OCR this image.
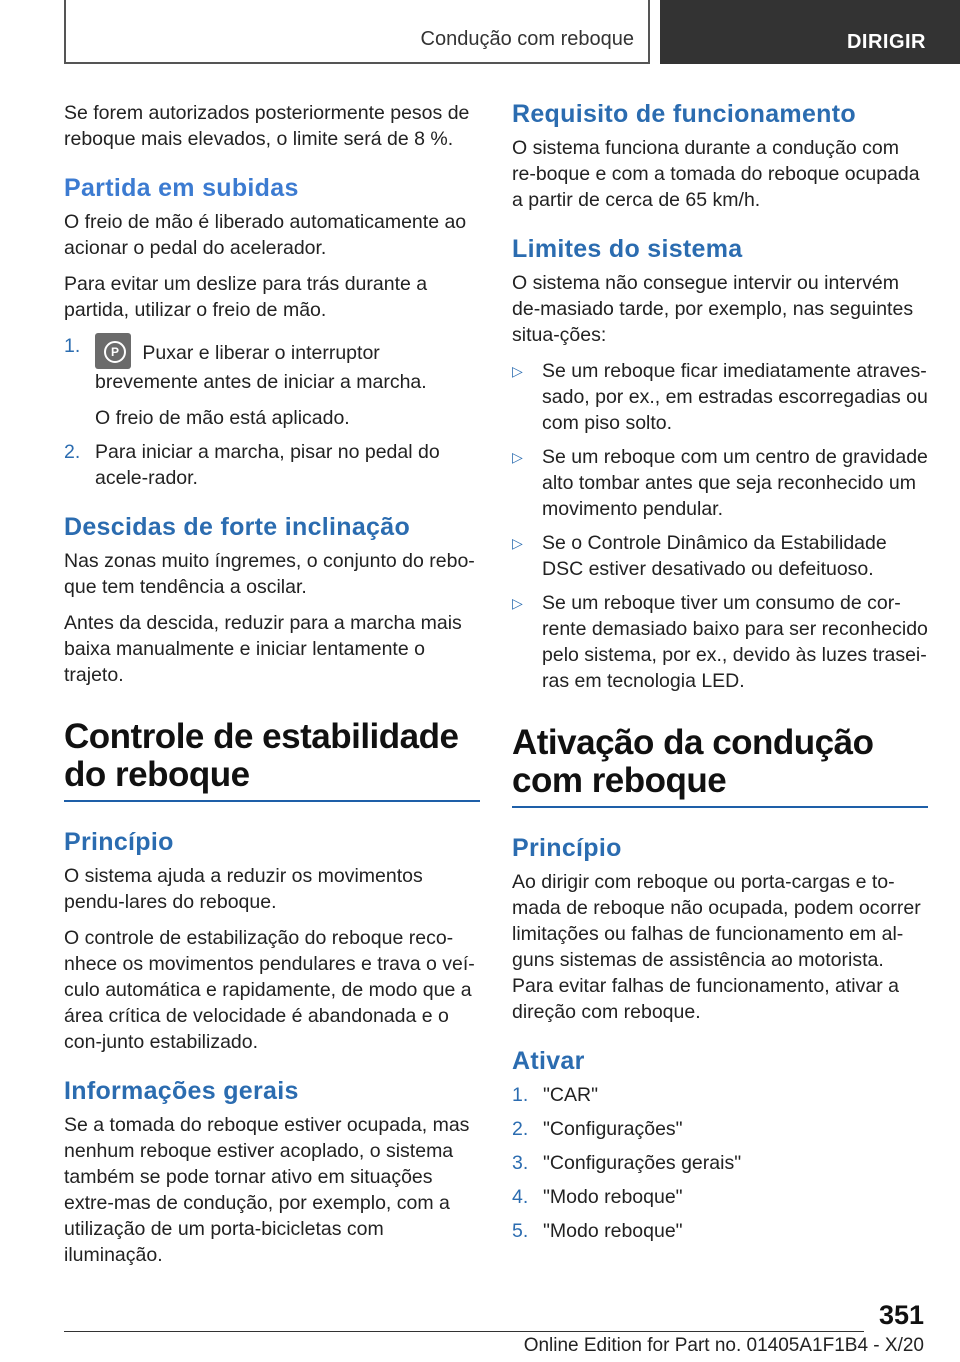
Condução com reboque	DIRIGIR

Se forem autorizados posteriormente pesos de reboque mais elevados, o limite será de 8 %.

Partida em subidas

O freio de mão é liberado automaticamente ao acionar o pedal do acelerador.

Para evitar um deslize para trás durante a partida, utilizar o freio de mão.

1.	P	Puxar e liberar o interruptor brevemente antes de iniciar a marcha.
O freio de mão está aplicado.
2. Para iniciar a marcha, pisar no pedal do acele-rador.
Descidas de forte inclinação

Nas zonas muito íngremes, o conjunto do rebo-que tem tendência a oscilar.

Antes da descida, reduzir para a marcha mais baixa manualmente e iniciar lentamente o trajeto.

Controle de estabilidade do reboque
Princípio

O sistema ajuda a reduzir os movimentos pendu-lares do reboque.

O controle de estabilização do reboque reco-nhece os movimentos pendulares e trava o veí-culo automática e rapidamente, de modo que a área crítica de velocidade é abandonada e o con-junto estabilizado.

Informações gerais

Se a tomada do reboque estiver ocupada, mas nenhum reboque estiver acoplado, o sistema também se pode tornar ativo em situações extre-mas de condução, por exemplo, com a utilização de um porta-bicicletas com iluminação.

Requisito de funcionamento

O sistema funciona durante a condução com re-boque e com a tomada do reboque ocupada a partir de cerca de 65 km/h.

Limites do sistema

O sistema não consegue intervir ou intervém de-masiado tarde, por exemplo, nas seguintes situa-ções:

▷ Se um reboque ficar imediatamente atraves-sado, por ex., em estradas escorregadias ou com piso solto.
▷ Se um reboque com um centro de gravidade alto tombar antes que seja reconhecido um movimento pendular.
▷ Se o Controle Dinâmico da Estabilidade DSC estiver desativado ou defeituoso.
▷ Se um reboque tiver um consumo de cor-rente demasiado baixo para ser reconhecido pelo sistema, por ex., devido às luzes trasei-ras em tecnologia LED.
Ativação da condução com reboque
Princípio

Ao dirigir com reboque ou porta-cargas e to-mada de reboque não ocupada, podem ocorrer limitações ou falhas de funcionamento em al-guns sistemas de assistência ao motorista. Para evitar falhas de funcionamento, ativar a direção com reboque.

Ativar
1. "CAR"
2. "Configurações"
3. "Configurações gerais"
4. "Modo reboque"
5. "Modo reboque"
351
Online Edition for Part no. 01405A1F1B4 - X/20
